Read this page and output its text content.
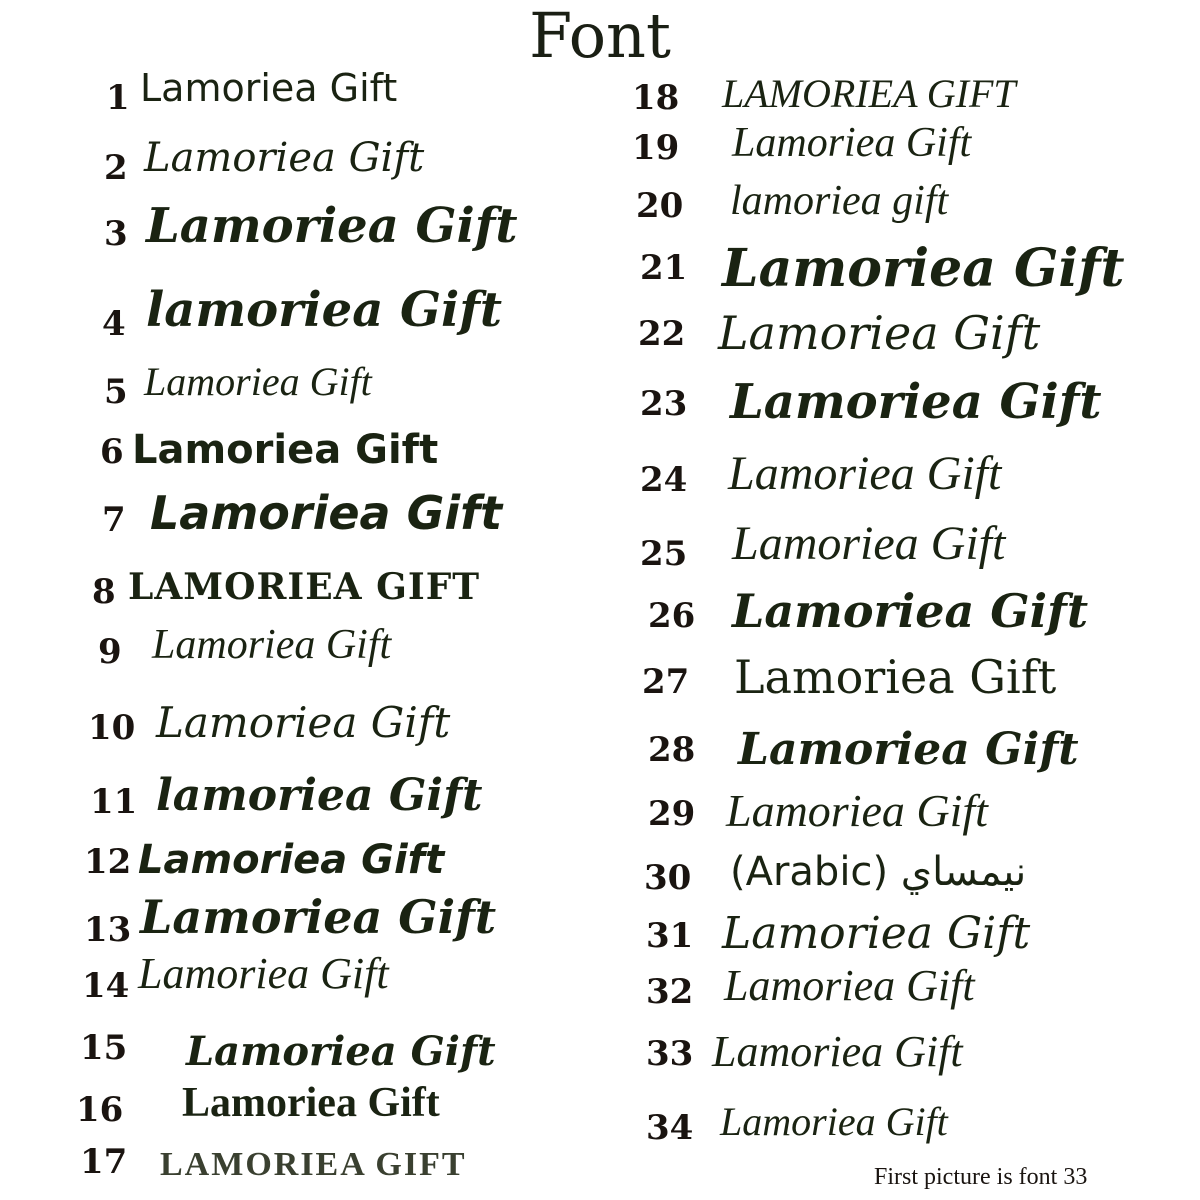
Font
1 Lamoriea Gift
2 Lamoriea Gift
3 Lamoriea Gift
4 lamoriea Gift
5 Lamoriea Gift
6 Lamoriea Gift
7 Lamoriea Gift
8 LAMORIEA GIFT
9 Lamoriea Gift
10 Lamoriea Gift
11 lamoriea Gift
12 Lamoriea Gift
13 Lamoriea Gift
14 Lamoriea Gift
15 Lamoriea Gift
16 Lamoriea Gift
17 LAMORIEA GIFT
18 LAMORIEA GIFT
19 Lamoriea Gift
20 lamoriea gift
21 Lamoriea Gift
22 Lamoriea Gift
23 Lamoriea Gift
24 Lamoriea Gift
25 Lamoriea Gift
26 Lamoriea Gift
27 Lamoriea Gift
28 Lamoriea Gift
29 Lamoriea Gift
30 نيمساي (Arabic)
31 Lamoriea Gift
32 Lamoriea Gift
33 Lamoriea Gift
34 Lamoriea Gift
First picture is font 33
